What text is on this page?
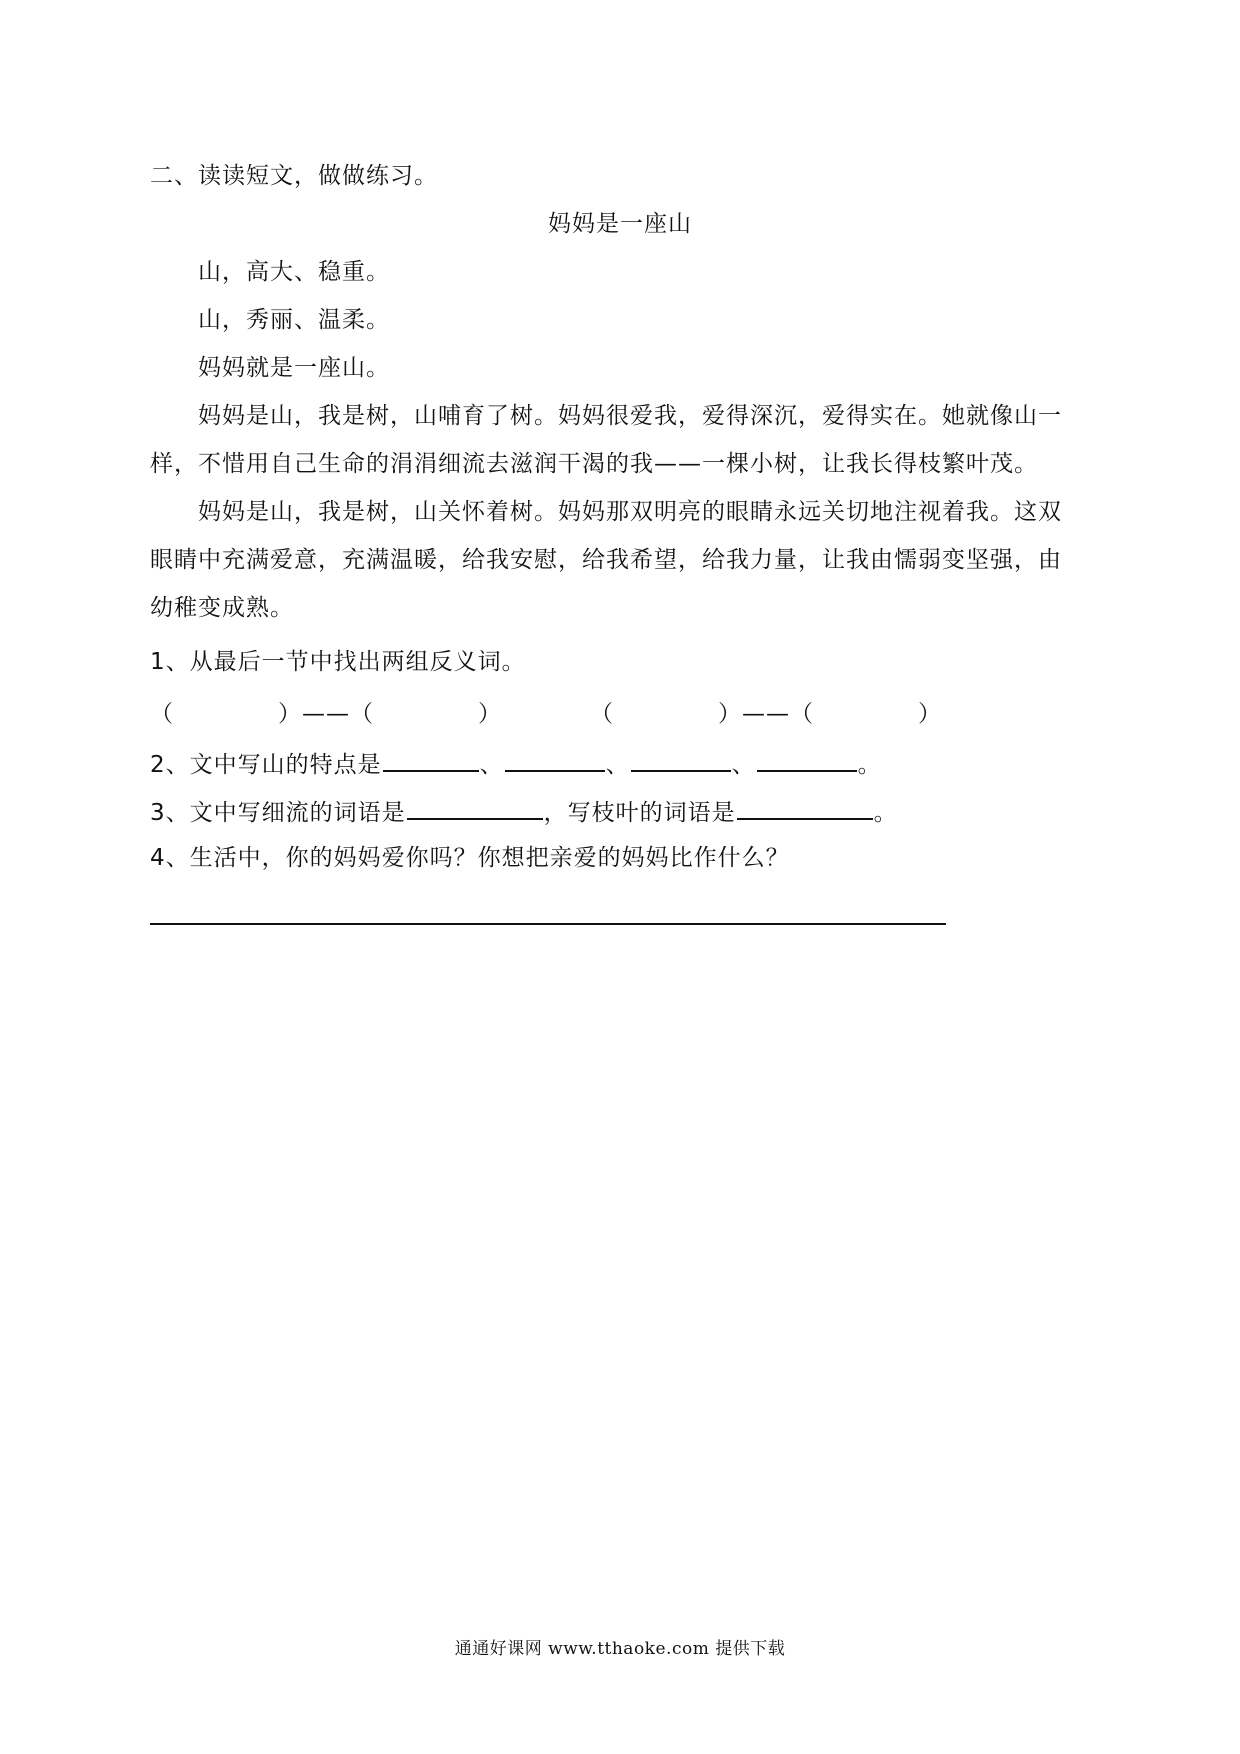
二、读读短文，做做练习。
妈妈是一座山
山，高大、稳重。
山，秀丽、温柔。
妈妈就是一座山。
妈妈是山，我是树，山哺育了树。妈妈很爱我，爱得深沉，爱得实在。她就像山一
样，不惜用自己生命的涓涓细流去滋润干渴的我——一棵小树，让我长得枝繁叶茂。
妈妈是山，我是树，山关怀着树。妈妈那双明亮的眼睛永远关切地注视着我。这双
眼睛中充满爱意，充满温暖，给我安慰，给我希望，给我力量，让我由懦弱变坚强，由
幼稚变成熟。
1、从最后一节中找出两组反义词。
（	）——（	）	（	）——（	）
2、文中写山的特点是	、	、	、	。
3、文中写细流的词语是	，写枝叶的词语是	。
4、生活中，你的妈妈爱你吗？你想把亲爱的妈妈比作什么？
通通好课网 www.tthaoke.com 提供下载
